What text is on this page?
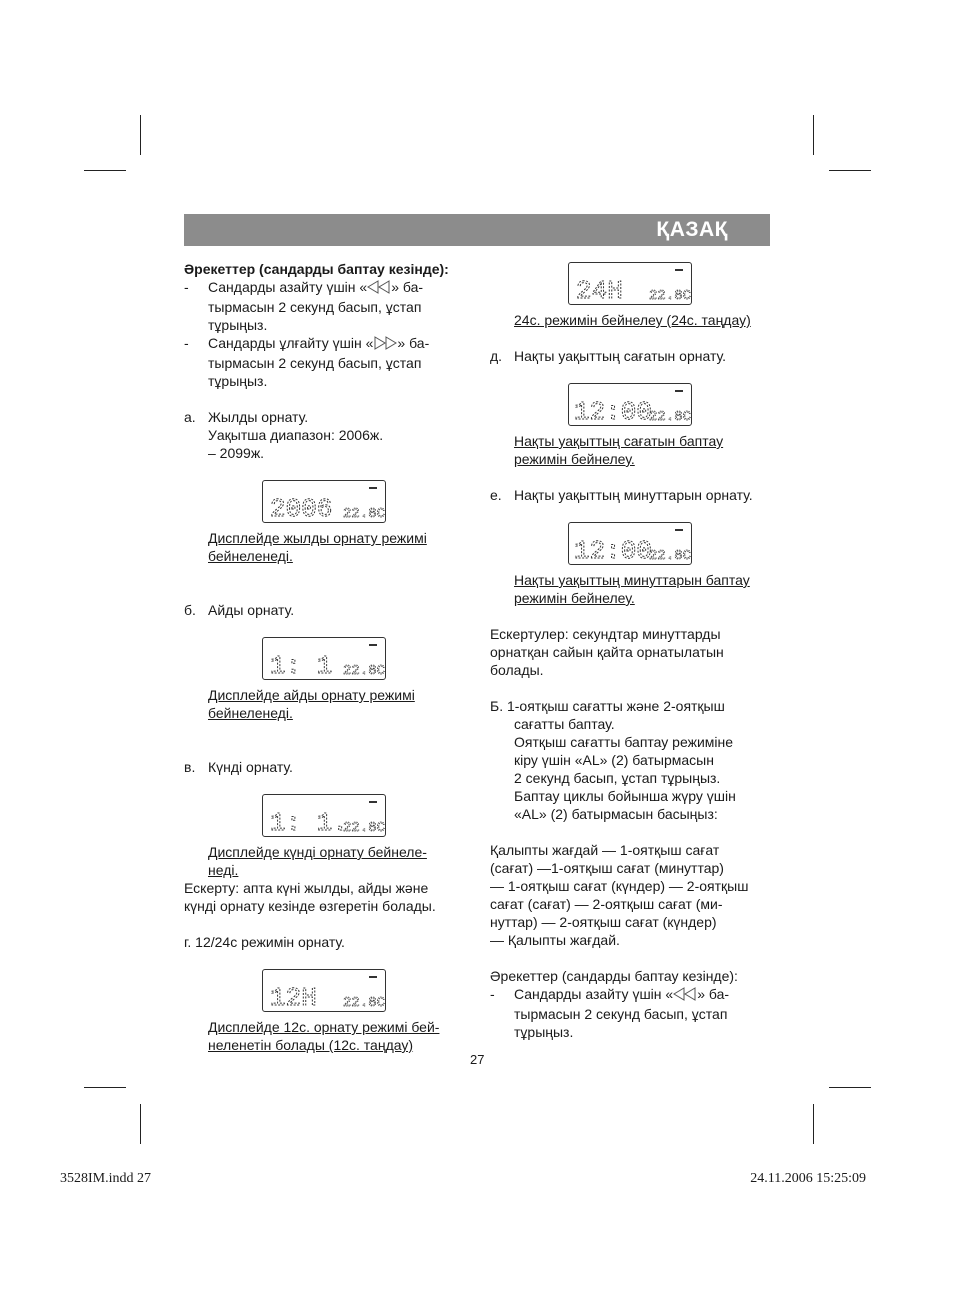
ҚАЗАҚ

Әрекеттер (сандарды баптау кезінде):

- Сандарды азайту үшін « » ба-
тырмасын 2 секунд басып, ұстап
тұрыңыз.
- Сандарды ұлғайту үшін « » ба-
тырмасын 2 секунд басып, ұстап
тұрыңыз.
а. Жылды орнату.
Уақытша диапазон: 2006ж.
– 2099ж.
2006 22.8C
Дисплейде жылды орнату режимі
бейнеленеді.
б. Айды орнату.
1: 1 22.8C
Дисплейде айды орнату режимі
бейнеленеді.
в. Күнді орнату.
1: 1.
22.8C
Дисплейде күнді орнату бейнеле-
неді.

Ескерту: апта күні жылды, айды және
күнді орнату кезінде өзгеретін болады.

г. 12/24с режимін орнату.

12H 22.8C
Дисплейде 12с. орнату режимі бей-
неленетін болады (12с. таңдау)
24H 22.8C
24с. режимін бейнелеу (24с. таңдау)
д. Нақты уақыттың сағатын орнату.
12:00
22.8C
Нақты уақыттың сағатын баптау
режимін бейнелеу.
е. Нақты уақыттың минуттарын орнату.
12:00
22.8C
Нақты уақыттың минуттарын баптау
режимін бейнелеу.

Ескертулер: секундтар минуттарды
орнатқан сайын қайта орнатылатын
болады.

Б. 1-оятқыш сағатты және 2-оятқыш

сағатты баптау.
Оятқыш сағатты баптау режиміне
кіру үшін «AL» (2) батырмасын
2 секунд басып, ұстап тұрыңыз.
Баптау циклы бойынша жүру үшін
«AL» (2) батырмасын басыңыз:

Қалыпты жағдай — 1-оятқыш сағат
(сағат) —1-оятқыш сағат (минуттар)
— 1-оятқыш сағат (күндер) — 2-оятқыш
сағат (сағат) — 2-оятқыш сағат (ми-
нуттар) — 2-оятқыш сағат (күндер)
— Қалыпты жағдай.

Әрекеттер (сандарды баптау кезінде):

- Сандарды азайту үшін « » ба-
тырмасын 2 секунд басып, ұстап
тұрыңыз.
27
3528IM.indd 27	24.11.2006 15:25:09
